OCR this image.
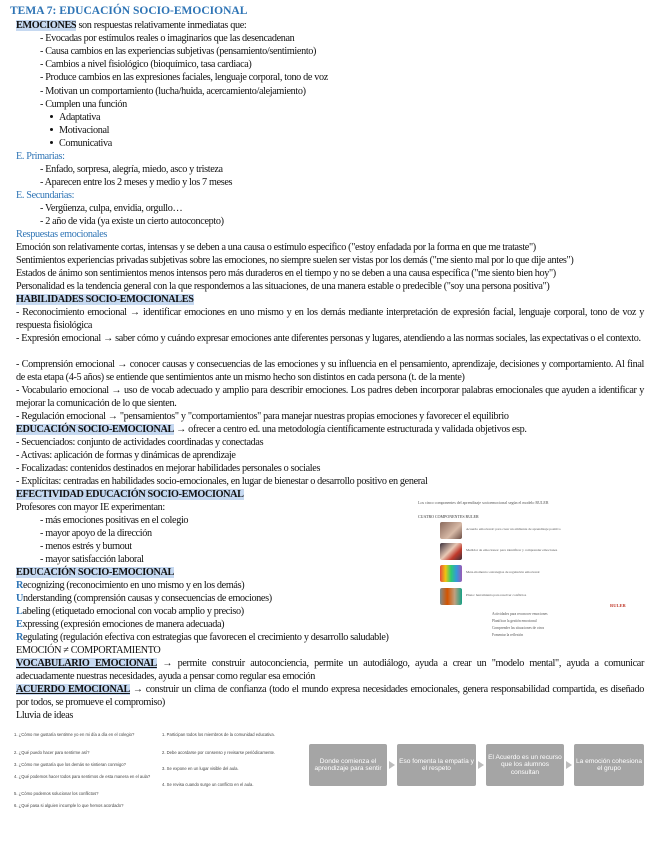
TEMA 7: EDUCACIÓN SOCIO-EMOCIONAL
EMOCIONES son respuestas relativamente inmediatas que:
- Evocadas por estímulos reales o imaginarios que las desencadenan
- Causa cambios en las experiencias subjetivas (pensamiento/sentimiento)
- Cambios a nivel fisiológico (bioquímico, tasa cardiaca)
- Produce cambios en las expresiones faciales, lenguaje corporal, tono de voz
- Motivan un comportamiento (lucha/huida, acercamiento/alejamiento)
- Cumplen una función
Adaptativa
Motivacional
Comunicativa
E. Primarias:
- Enfado, sorpresa, alegría, miedo, asco y tristeza
- Aparecen entre los 2 meses y medio y los 7 meses
E. Secundarias:
- Vergüenza, culpa, envidia, orgullo…
- 2 año de vida (ya existe un cierto autoconcepto)
Respuestas emocionales
Emoción son relativamente cortas, intensas y se deben a una causa o estímulo específico ("estoy enfadada por la forma en que me trataste")
Sentimientos experiencias privadas subjetivas sobre las emociones, no siempre suelen ser vistas por los demás ("me siento mal por lo que dije antes")
Estados de ánimo son sentimientos menos intensos pero más duraderos en el tiempo y no se deben a una causa específica ("me siento bien hoy")
Personalidad es la tendencia general con la que respondemos a las situaciones, de una manera estable o predecible ("soy una persona positiva")
HABILIDADES SOCIO-EMOCIONALES
- Reconocimiento emocional → identificar emociones en uno mismo y en los demás mediante interpretación de expresión facial, lenguaje corporal, tono de voz y respuesta fisiológica
- Expresión emocional → saber cómo y cuándo expresar emociones ante diferentes personas y lugares, atendiendo a las normas sociales, las expectativas o el contexto.
- Comprensión emocional → conocer causas y consecuencias de las emociones y su influencia en el pensamiento, aprendizaje, decisiones y comportamiento. Al final de esta etapa (4-5 años) se entiende que sentimientos ante un mismo hecho son distintos en cada persona (t. de la mente)
- Vocabulario emocional → uso de vocab adecuado y amplio para describir emociones. Los padres deben incorporar palabras emocionales que ayuden a identificar y mejorar la comunicación de lo que sienten.
- Regulación emocional → "pensamientos" y "comportamientos" para manejar nuestras propias emociones y favorecer el equilibrio
EDUCACIÓN SOCIO-EMOCIONAL → ofrecer a centro ed. una metodología científicamente estructurada y validada objetivos esp.
- Secuenciados: conjunto de actividades coordinadas y conectadas
- Activas: aplicación de formas y dinámicas de aprendizaje
- Focalizadas: contenidos destinados en mejorar habilidades personales o sociales
- Explícitas: centradas en habilidades socio-emocionales, en lugar de bienestar o desarrollo positivo en general
EFECTIVIDAD EDUCACIÓN SOCIO-EMOCIONAL
Profesores con mayor IE experimentan:
- más emociones positivas en el colegio
- mayor apoyo de la dirección
- menos estrés y burnout
- mayor satisfacción laboral
EDUCACIÓN SOCIO-EMOCIONAL
Recognizing (reconocimiento en uno mismo y en los demás)
Understanding (comprensión causas y consecuencias de emociones)
Labeling (etiquetado emocional con vocab amplio y preciso)
Expressing (expresión emociones de manera adecuada)
Regulating (regulación efectiva con estrategias que favorecen el crecimiento y desarrollo saludable)
EMOCIÓN ≠ COMPORTAMIENTO
VOCABULARIO EMOCIONAL → permite construir autoconciencia, permite un autodiálogo, ayuda a crear un "modelo mental", ayuda a comunicar adecuadamente nuestras necesidades, ayuda a pensar como regular esa emoción
ACUERDO EMOCIONAL → construir un clima de confianza (todo el mundo expresa necesidades emocionales, genera responsabilidad compartida, es diseñado por todos, se promueve el compromiso)
Lluvia de ideas
Los cinco componentes del aprendizaje socioemocional según el modelo RULER
CUATRO COMPONENTES RULER
Acuerdo emocional: para crear un ambiente de aprendizaje positivo
Medidor de emociones: para identificar y comprender emociones
Meta-momento: estrategias de regulación emocional
Plano: herramienta para resolver conflictos
RULER
Actividades para reconocer emociones
Planificar la gestión emocional
Comprender las situaciones de otros
Fomentar la reflexión
1. ¿Cómo me gustaría sentirme yo en mi día a día en el colegio?
2. ¿Qué puedo hacer para sentirme así?
3. ¿Cómo me gustaría que los demás se sintieran conmigo?
4. ¿Qué podemos hacer todos para sentirnos de esta manera en el aula?
5. ¿Cómo podemos solucionar los conflictos?
6. ¿Qué pasa si alguien incumple lo que hemos acordado?
1. Participan todos los miembros de la comunidad educativa.
2. Debe acordarse por consenso y revisarse periódicamente.
3. Se expone en un lugar visible del aula.
4. Se revisa cuando surge un conflicto en el aula.
Donde comienza el aprendizaje para sentir
Eso fomenta la empatía y el respeto
El Acuerdo es un recurso que los alumnos consultan
La emoción cohesiona el grupo
